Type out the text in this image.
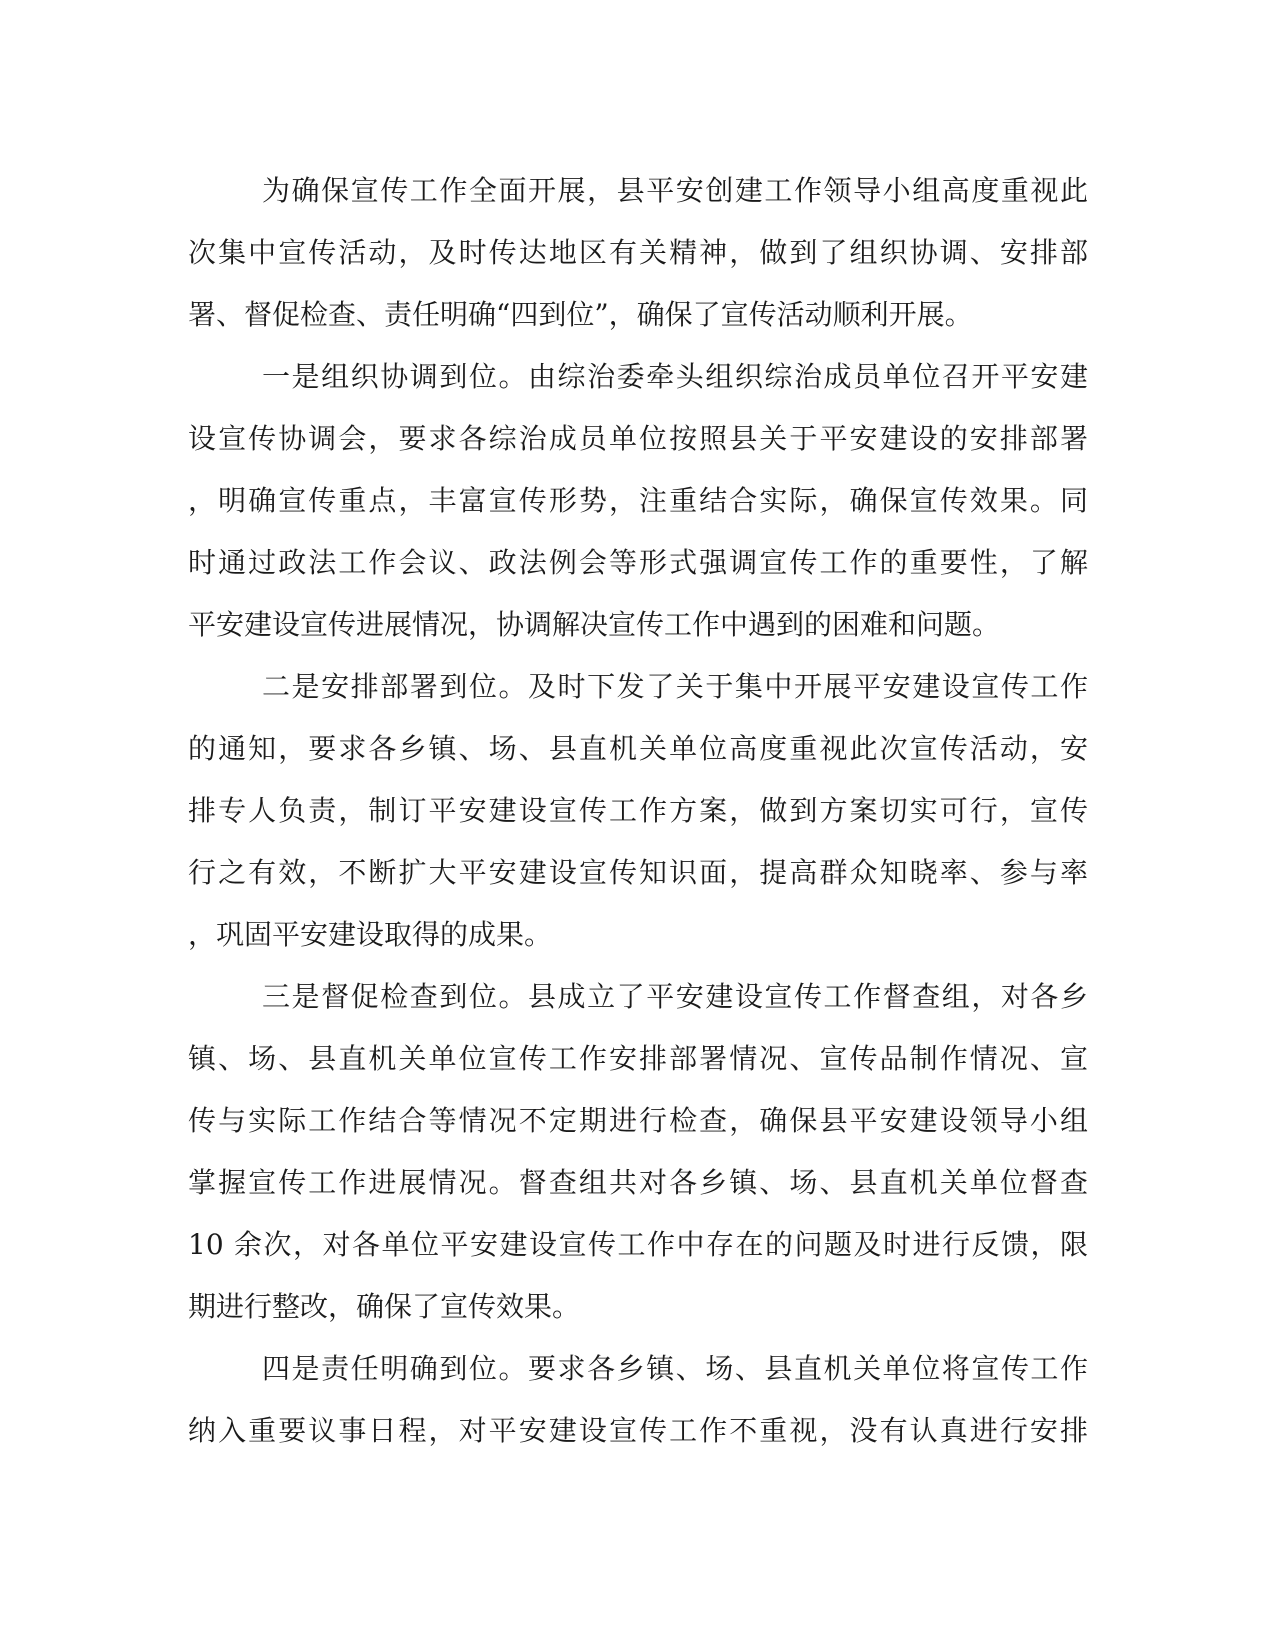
为确保宣传工作全面开展，县平安创建工作领导小组高度重视此
次集中宣传活动，及时传达地区有关精神，做到了组织协调、安排部
署、督促检查、责任明确“四到位”，确保了宣传活动顺利开展。
一是组织协调到位。由综治委牵头组织综治成员单位召开平安建
设宣传协调会，要求各综治成员单位按照县关于平安建设的安排部署
，明确宣传重点，丰富宣传形势，注重结合实际，确保宣传效果。同
时通过政法工作会议、政法例会等形式强调宣传工作的重要性，了解
平安建设宣传进展情况，协调解决宣传工作中遇到的困难和问题。
二是安排部署到位。及时下发了关于集中开展平安建设宣传工作
的通知，要求各乡镇、场、县直机关单位高度重视此次宣传活动，安
排专人负责，制订平安建设宣传工作方案，做到方案切实可行，宣传
行之有效，不断扩大平安建设宣传知识面，提高群众知晓率、参与率
，巩固平安建设取得的成果。
三是督促检查到位。县成立了平安建设宣传工作督查组，对各乡
镇、场、县直机关单位宣传工作安排部署情况、宣传品制作情况、宣
传与实际工作结合等情况不定期进行检查，确保县平安建设领导小组
掌握宣传工作进展情况。督查组共对各乡镇、场、县直机关单位督查
10 余次，对各单位平安建设宣传工作中存在的问题及时进行反馈，限
期进行整改，确保了宣传效果。
四是责任明确到位。要求各乡镇、场、县直机关单位将宣传工作
纳入重要议事日程，对平安建设宣传工作不重视，没有认真进行安排
